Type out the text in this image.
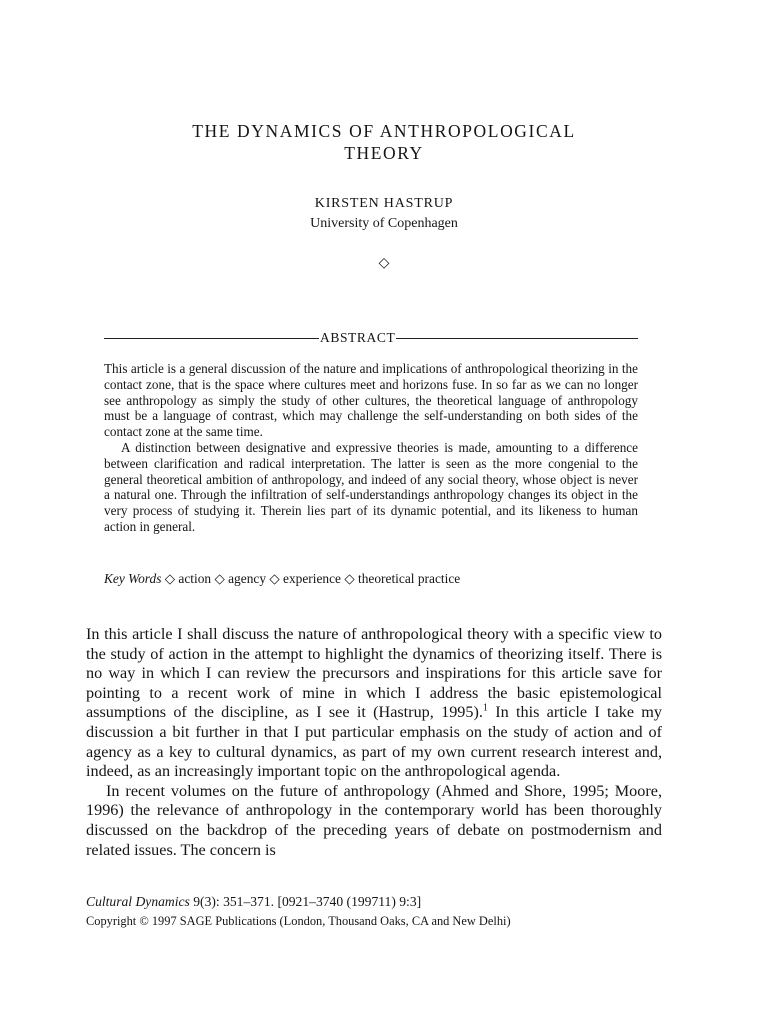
THE DYNAMICS OF ANTHROPOLOGICAL
THEORY
KIRSTEN HASTRUP
University of Copenhagen
◇
ABSTRACT

This article is a general discussion of the nature and implications of anthropological theorizing in the contact zone, that is the space where cultures meet and horizons fuse. In so far as we can no longer see anthropology as simply the study of other cultures, the theoretical language of anthropology must be a language of contrast, which may challenge the self-understanding on both sides of the contact zone at the same time.

A distinction between designative and expressive theories is made, amounting to a difference between clarification and radical interpretation. The latter is seen as the more congenial to the general theoretical ambition of anthropology, and indeed of any social theory, whose object is never a natural one. Through the infiltration of self-understandings anthropology changes its object in the very process of studying it. Therein lies part of its dynamic potential, and its likeness to human action in general.

Key Words ◇ action ◇ agency ◇ experience ◇ theoretical practice

In this article I shall discuss the nature of anthropological theory with a specific view to the study of action in the attempt to highlight the dynamics of theorizing itself. There is no way in which I can review the precursors and inspirations for this article save for pointing to a recent work of mine in which I address the basic epistemological assumptions of the discipline, as I see it (Hastrup, 1995).$^1$ In this article I take my discussion a bit further in that I put particular emphasis on the study of action and of agency as a key to cultural dynamics, as part of my own current research interest and, indeed, as an increasingly important topic on the anthropological agenda.

In recent volumes on the future of anthropology (Ahmed and Shore, 1995; Moore, 1996) the relevance of anthropology in the contemporary world has been thoroughly discussed on the backdrop of the preceding years of debate on postmodernism and related issues. The concern is

Cultural Dynamics 9(3): 351–371. [0921–3740 (199711) 9:3]
Copyright © 1997 SAGE Publications (London, Thousand Oaks, CA and New Delhi)
